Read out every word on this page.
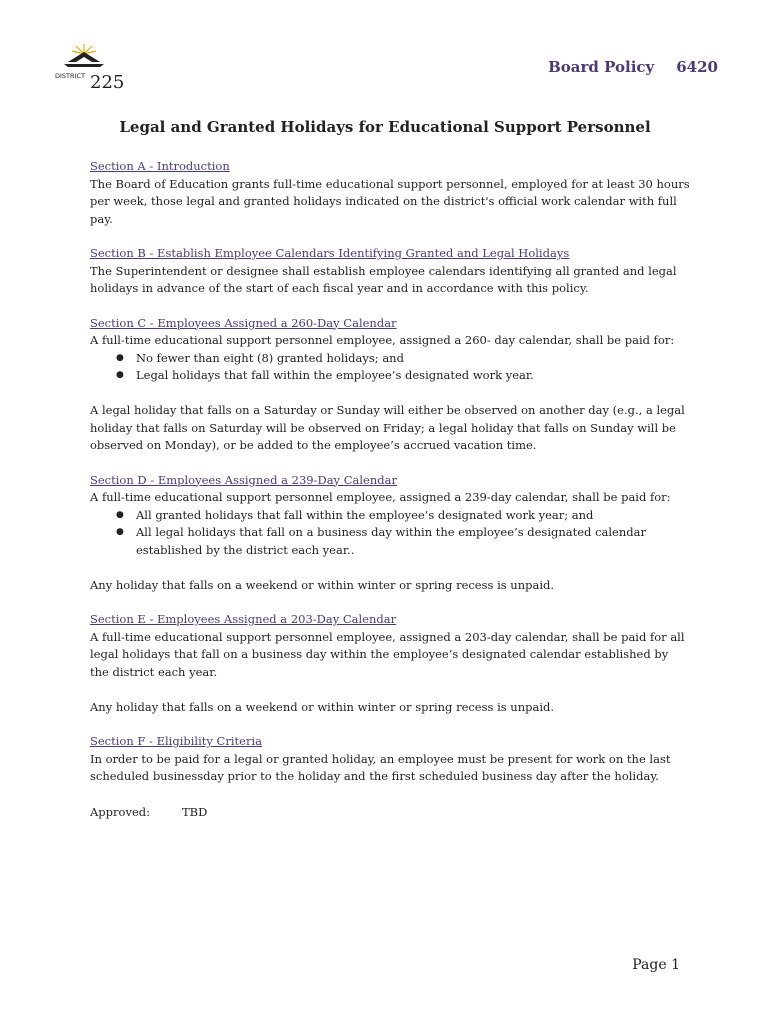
DISTRICT 225
Board Policy 6420
Legal and Granted Holidays for Educational Support Personnel
Section A - Introduction

The Board of Education grants full-time educational support personnel, employed for at least 30 hours per week, those legal and granted holidays indicated on the district's official work calendar with full pay.

Section B - Establish Employee Calendars Identifying Granted and Legal Holidays

The Superintendent or designee shall establish employee calendars identifying all granted and legal holidays in advance of the start of each fiscal year and in accordance with this policy.

Section C - Employees Assigned a 260-Day Calendar

A full-time educational support personnel employee, assigned a 260- day calendar, shall be paid for:

● No fewer than eight (8) granted holidays; and
● Legal holidays that fall within the employee’s designated work year.

A legal holiday that falls on a Saturday or Sunday will either be observed on another day (e.g., a legal holiday that falls on Saturday will be observed on Friday; a legal holiday that falls on Sunday will be observed on Monday), or be added to the employee’s accrued vacation time.

Section D - Employees Assigned a 239-Day Calendar

A full-time educational support personnel employee, assigned a 239-day calendar, shall be paid for:

● All granted holidays that fall within the employee’s designated work year; and
● All legal holidays that fall on a business day within the employee’s designated calendar established by the district each year..

Any holiday that falls on a weekend or within winter or spring recess is unpaid.

Section E - Employees Assigned a 203-Day Calendar

A full-time educational support personnel employee, assigned a 203-day calendar, shall be paid for all legal holidays that fall on a business day within the employee’s designated calendar established by the district each year.

Any holiday that falls on a weekend or within winter or spring recess is unpaid.

Section F - Eligibility Criteria

In order to be paid for a legal or granted holiday, an employee must be present for work on the last scheduled businessday prior to the holiday and the first scheduled business day after the holiday.

Approved:	TBD
Page 1
